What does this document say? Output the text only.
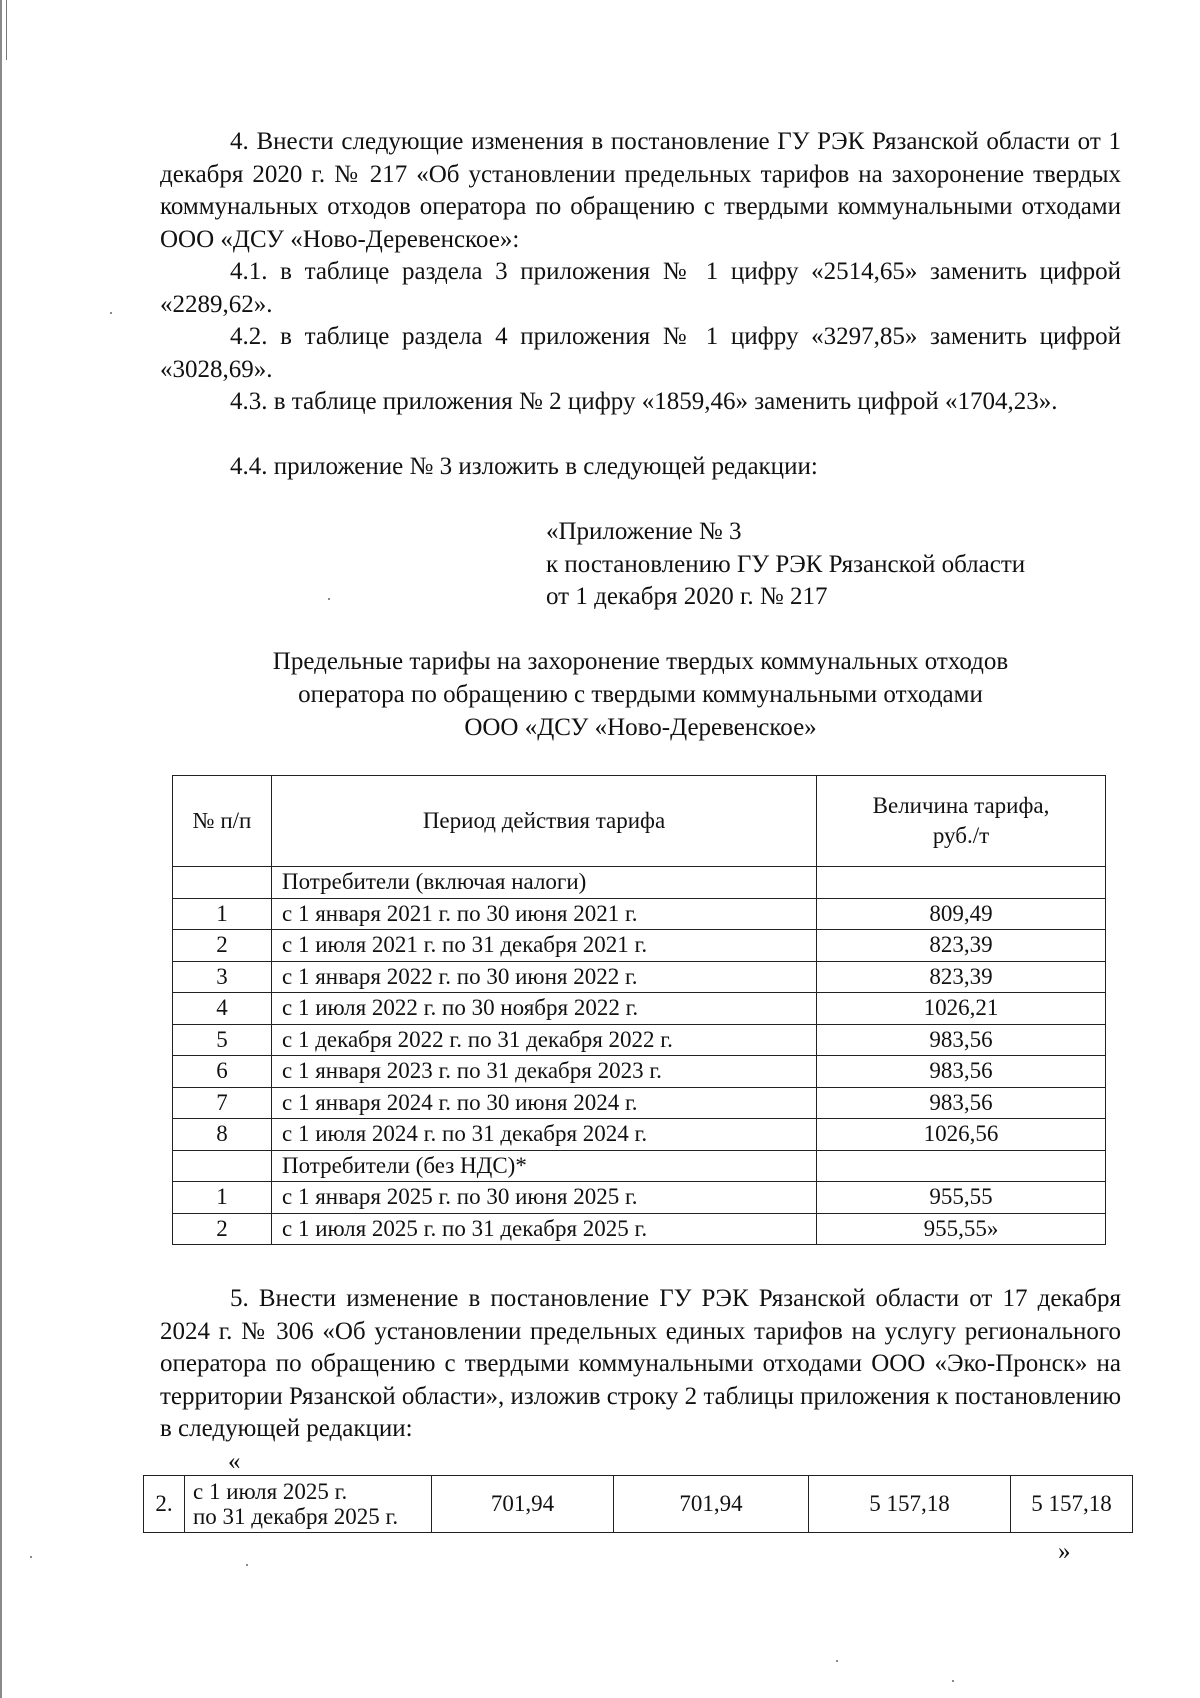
4. Внести следующие изменения в постановление ГУ РЭК Рязанской области от 1 декабря 2020 г. № 217 «Об установлении предельных тарифов на захоронение твердых коммунальных отходов оператора по обращению с твердыми коммунальными отходами ООО «ДСУ «Ново-Деревенское»:

4.1. в таблице раздела 3 приложения № 1 цифру «2514,65» заменить цифрой «2289,62».

4.2. в таблице раздела 4 приложения № 1 цифру «3297,85» заменить цифрой «3028,69».

4.3. в таблице приложения № 2 цифру «1859,46» заменить цифрой «1704,23».

4.4. приложение № 3 изложить в следующей редакции:

«Приложение № 3
к постановлению ГУ РЭК Рязанской области
от 1 декабря 2020 г. № 217
Предельные тарифы на захоронение твердых коммунальных отходов
оператора по обращению с твердыми коммунальными отходами
ООО «ДСУ «Ново-Деревенское»
№ п/п	Период действия тарифа	Величина тарифа,
руб./т
	Потребители (включая налоги)	
1	с 1 января 2021 г. по 30 июня 2021 г.	809,49
2	с 1 июля 2021 г. по 31 декабря 2021 г.	823,39
3	с 1 января 2022 г. по 30 июня 2022 г.	823,39
4	с 1 июля 2022 г. по 30 ноября 2022 г.	1026,21
5	с 1 декабря 2022 г. по 31 декабря 2022 г.	983,56
6	с 1 января 2023 г. по 31 декабря 2023 г.	983,56
7	с 1 января 2024 г. по 30 июня 2024 г.	983,56
8	с 1 июля 2024 г. по 31 декабря 2024 г.	1026,56
	Потребители (без НДС)*	
1	с 1 января 2025 г. по 30 июня 2025 г.	955,55
2	с 1 июля 2025 г. по 31 декабря 2025 г.	955,55»

5. Внести изменение в постановление ГУ РЭК Рязанской области от 17 декабря 2024 г. № 306 «Об установлении предельных единых тарифов на услугу регионального оператора по обращению с твердыми коммунальными отходами ООО «Эко-Пронск» на территории Рязанской области», изложив строку 2 таблицы приложения к постановлению в следующей редакции:

«
2.	с 1 июля 2025 г.
по 31 декабря 2025 г.	701,94	701,94	5 157,18	5 157,18
»
